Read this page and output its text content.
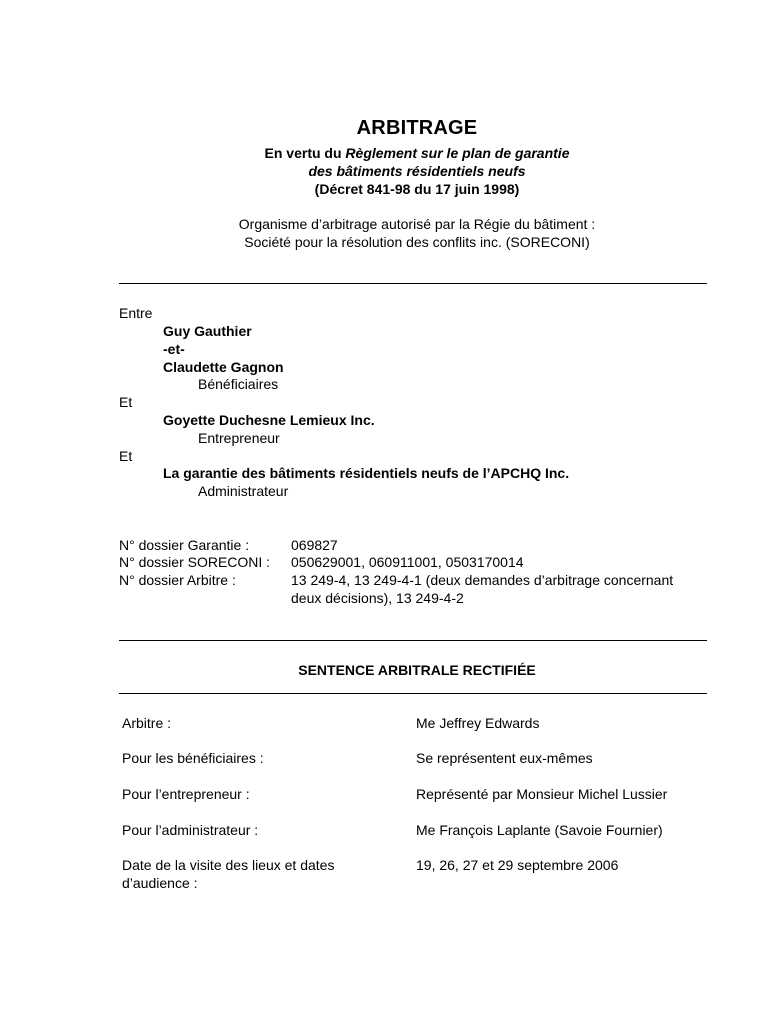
ARBITRAGE
En vertu du Règlement sur le plan de garantie
des bâtiments résidentiels neufs
(Décret 841-98 du 17 juin 1998)
Organisme d’arbitrage autorisé par la Régie du bâtiment :
Société pour la résolution des conflits inc. (SORECONI)
Entre
Guy Gauthier
-et-
Claudette Gagnon
Bénéficiaires
Et
Goyette Duchesne Lemieux Inc.
Entrepreneur
Et
La garantie des bâtiments résidentiels neufs de l’APCHQ Inc.
Administrateur
N° dossier Garantie :	069827
N° dossier SORECONI : 050629001, 060911001, 0503170014
N° dossier Arbitre :	13 249-4, 13 249-4-1 (deux demandes d’arbitrage concernant
deux décisions), 13 249-4-2
SENTENCE ARBITRALE RECTIFIÉE
Arbitre :	Me Jeffrey Edwards
Pour les bénéficiaires :	Se représentent eux-mêmes
Pour l’entrepreneur :	Représenté par Monsieur Michel Lussier
Pour l’administrateur :	Me François Laplante (Savoie Fournier)
Date de la visite des lieux et dates
d’audience :
19, 26, 27 et 29 septembre 2006
